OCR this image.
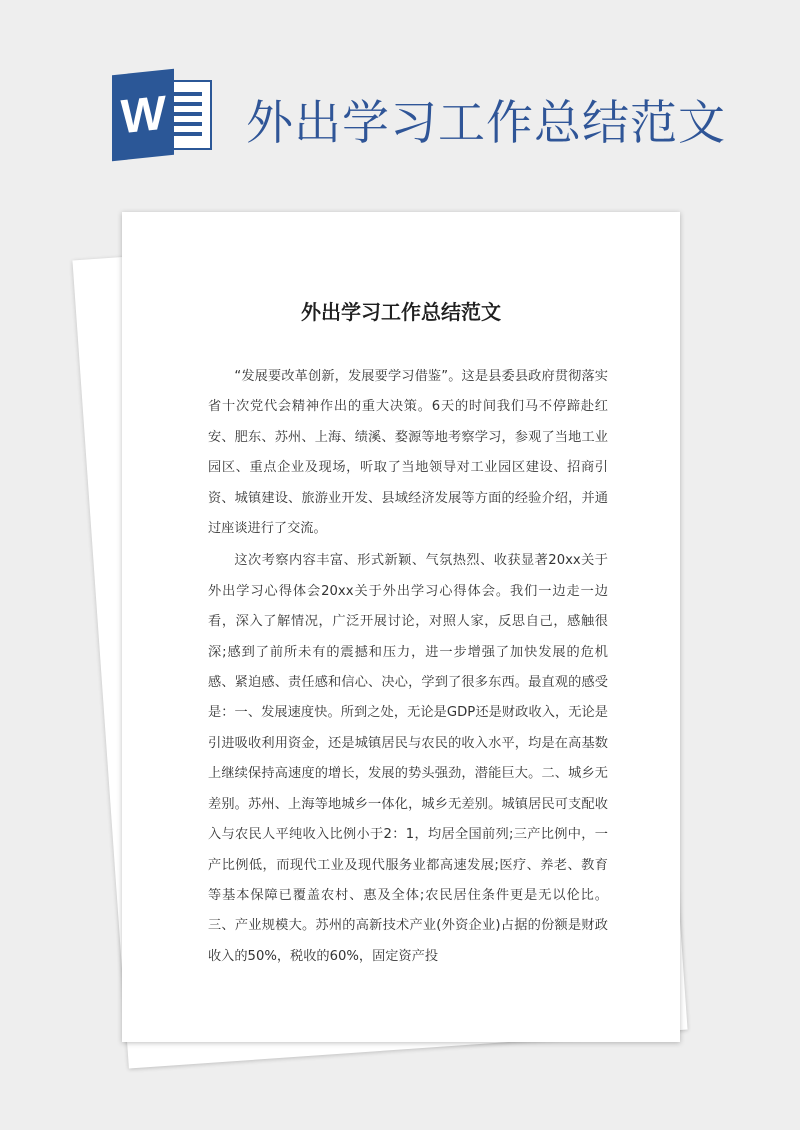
W 外出学习工作总结范文
外出学习工作总结范文

“发展要改革创新，发展要学习借鉴”。这是县委县政府贯彻落实省十次党代会精神作出的重大决策。6天的时间我们马不停蹄赴红安、肥东、苏州、上海、绩溪、婺源等地考察学习，参观了当地工业园区、重点企业及现场，听取了当地领导对工业园区建设、招商引资、城镇建设、旅游业开发、县域经济发展等方面的经验介绍，并通过座谈进行了交流。

这次考察内容丰富、形式新颖、气氛热烈、收获显著20xx关于外出学习心得体会20xx关于外出学习心得体会。我们一边走一边看，深入了解情况，广泛开展讨论，对照人家，反思自己，感触很深;感到了前所未有的震撼和压力，进一步增强了加快发展的危机感、紧迫感、责任感和信心、决心，学到了很多东西。最直观的感受是：一、发展速度快。所到之处，无论是GDP还是财政收入，无论是引进吸收利用资金，还是城镇居民与农民的收入水平，均是在高基数上继续保持高速度的增长，发展的势头强劲，潜能巨大。二、城乡无差别。苏州、上海等地城乡一体化，城乡无差别。城镇居民可支配收入与农民人平纯收入比例小于2：1，均居全国前列;三产比例中，一产比例低，而现代工业及现代服务业都高速发展;医疗、养老、教育等基本保障已覆盖农村、惠及全体;农民居住条件更是无以伦比。三、产业规模大。苏州的高新技术产业(外资企业)占据的份额是财政收入的50%，税收的60%，固定资产投
